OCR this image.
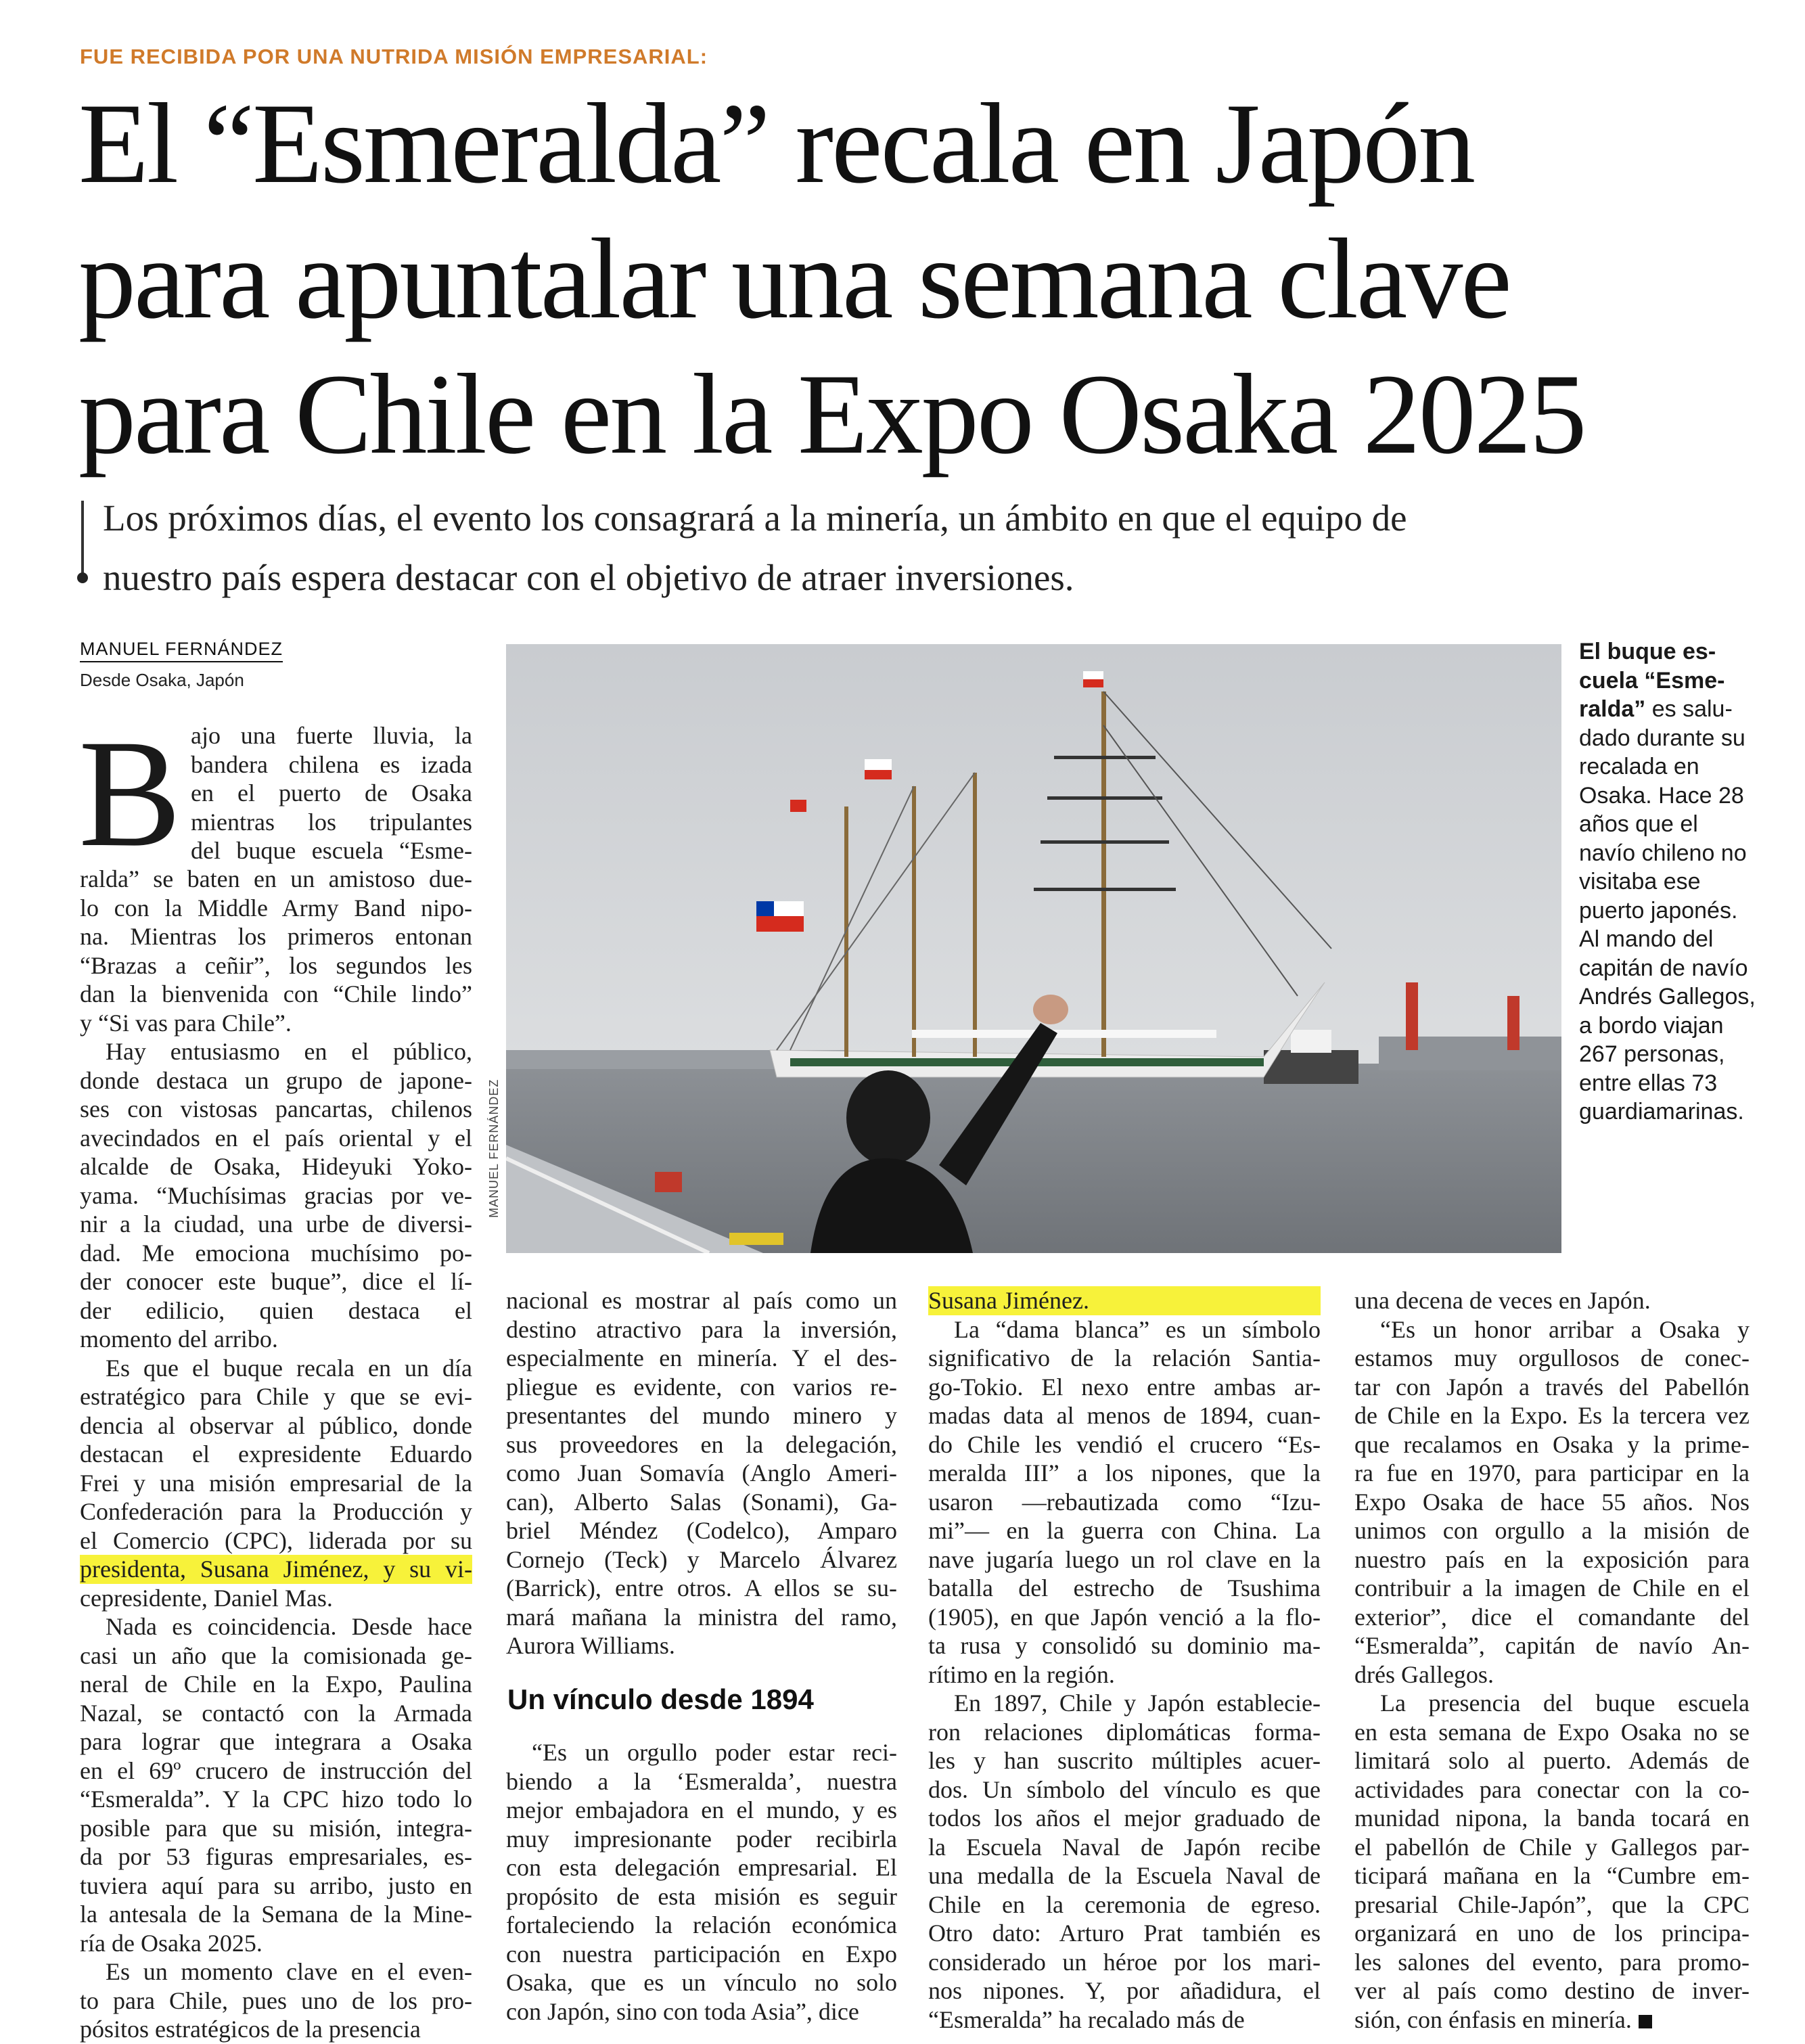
FUE RECIBIDA POR UNA NUTRIDA MISIÓN EMPRESARIAL:
El “Esmeralda” recala en Japón
para apuntalar una semana clave
para Chile en la Expo Osaka 2025
Los próximos días, el evento los consagrará a la minería, un ámbito en que el equipo de
nuestro país espera destacar con el objetivo de atraer inversiones.
MANUEL FERNÁNDEZ
Desde Osaka, Japón
MANUEL FERNÁNDEZ
El buque es-
cuela “Esme-
ralda” es salu-
dado durante su
recalada en
Osaka. Hace 28
años que el
navío chileno no
visitaba ese
puerto japonés.
Al mando del
capitán de navío
Andrés Gallegos,
a bordo viajan
267 personas,
entre ellas 73
guardiamarinas.
B ajo una fuerte lluvia, la
bandera chilena es izada
en el puerto de Osaka
mientras los tripulantes
del buque escuela “Esme-
ralda” se baten en un amistoso due-
lo con la Middle Army Band nipo-
na. Mientras los primeros entonan
“Brazas a ceñir”, los segundos les
dan la bienvenida con “Chile lindo”
y “Si vas para Chile”.
Hay entusiasmo en el público,
donde destaca un grupo de japone-
ses con vistosas pancartas, chilenos
avecindados en el país oriental y el
alcalde de Osaka, Hideyuki Yoko-
yama. “Muchísimas gracias por ve-
nir a la ciudad, una urbe de diversi-
dad. Me emociona muchísimo po-
der conocer este buque”, dice el lí-
der edilicio, quien destaca el
momento del arribo.
Es que el buque recala en un día
estratégico para Chile y que se evi-
dencia al observar al público, donde
destacan el expresidente Eduardo
Frei y una misión empresarial de la
Confederación para la Producción y
el Comercio (CPC), liderada por su
presidenta, Susana Jiménez, y su vi-
cepresidente, Daniel Mas.
Nada es coincidencia. Desde hace
casi un año que la comisionada ge-
neral de Chile en la Expo, Paulina
Nazal, se contactó con la Armada
para lograr que integrara a Osaka
en el 69º crucero de instrucción del
“Esmeralda”. Y la CPC hizo todo lo
posible para que su misión, integra-
da por 53 figuras empresariales, es-
tuviera aquí para su arribo, justo en
la antesala de la Semana de la Mine-
ría de Osaka 2025.
Es un momento clave en el even-
to para Chile, pues uno de los pro-
pósitos estratégicos de la presencia
nacional es mostrar al país como un
destino atractivo para la inversión,
especialmente en minería. Y el des-
pliegue es evidente, con varios re-
presentantes del mundo minero y
sus proveedores en la delegación,
como Juan Somavía (Anglo Ameri-
can), Alberto Salas (Sonami), Ga-
briel Méndez (Codelco), Amparo
Cornejo (Teck) y Marcelo Álvarez
(Barrick), entre otros. A ellos se su-
mará mañana la ministra del ramo,
Aurora Williams.
Un vínculo desde 1894
“Es un orgullo poder estar reci-
biendo a la ‘Esmeralda’, nuestra
mejor embajadora en el mundo, y es
muy impresionante poder recibirla
con esta delegación empresarial. El
propósito de esta misión es seguir
fortaleciendo la relación económica
con nuestra participación en Expo
Osaka, que es un vínculo no solo
con Japón, sino con toda Asia”, dice
Susana Jiménez.
La “dama blanca” es un símbolo
significativo de la relación Santia-
go-Tokio. El nexo entre ambas ar-
madas data al menos de 1894, cuan-
do Chile les vendió el crucero “Es-
meralda III” a los nipones, que la
usaron —rebautizada como “Izu-
mi”— en la guerra con China. La
nave jugaría luego un rol clave en la
batalla del estrecho de Tsushima
(1905), en que Japón venció a la flo-
ta rusa y consolidó su dominio ma-
rítimo en la región.
En 1897, Chile y Japón establecie-
ron relaciones diplomáticas forma-
les y han suscrito múltiples acuer-
dos. Un símbolo del vínculo es que
todos los años el mejor graduado de
la Escuela Naval de Japón recibe
una medalla de la Escuela Naval de
Chile en la ceremonia de egreso.
Otro dato: Arturo Prat también es
considerado un héroe por los mari-
nos nipones. Y, por añadidura, el
“Esmeralda” ha recalado más de
una decena de veces en Japón.
“Es un honor arribar a Osaka y
estamos muy orgullosos de conec-
tar con Japón a través del Pabellón
de Chile en la Expo. Es la tercera vez
que recalamos en Osaka y la prime-
ra fue en 1970, para participar en la
Expo Osaka de hace 55 años. Nos
unimos con orgullo a la misión de
nuestro país en la exposición para
contribuir a la imagen de Chile en el
exterior”, dice el comandante del
“Esmeralda”, capitán de navío An-
drés Gallegos.
La presencia del buque escuela
en esta semana de Expo Osaka no se
limitará solo al puerto. Además de
actividades para conectar con la co-
munidad nipona, la banda tocará en
el pabellón de Chile y Gallegos par-
ticipará mañana en la “Cumbre em-
presarial Chile-Japón”, que la CPC
organizará en uno de los principa-
les salones del evento, para promo-
ver al país como destino de inver-
sión, con énfasis en minería.
